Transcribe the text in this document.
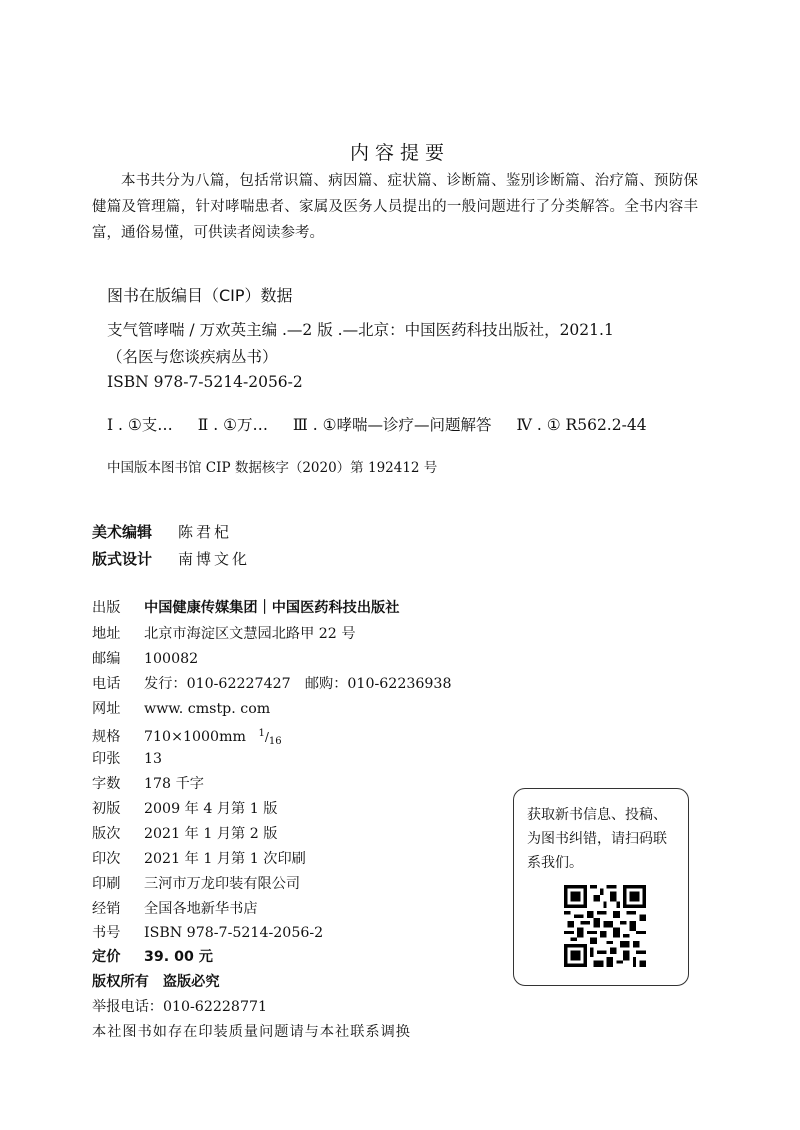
内容提要
本书共分为八篇，包括常识篇、病因篇、症状篇、诊断篇、鉴别诊断篇、治疗篇、预防保健篇及管理篇，针对哮喘患者、家属及医务人员提出的一般问题进行了分类解答。全书内容丰富，通俗易懂，可供读者阅读参考。
图书在版编目（CIP）数据
支气管哮喘 / 万欢英主编 .—2 版 .—北京：中国医药科技出版社，2021.1
（名医与您谈疾病丛书）
ISBN 978-7-5214-2056-2
Ⅰ . ①支… Ⅱ . ①万… Ⅲ . ①哮喘—诊疗—问题解答 Ⅳ . ① R562.2-44
中国版本图书馆 CIP 数据核字（2020）第 192412 号
美术编辑 陈君杞
版式设计 南博文化
出版 中国健康传媒集团｜中国医药科技出版社
地址 北京市海淀区文慧园北路甲 22 号
邮编 100082
电话 发行：010-62227427　邮购：010-62236938
网址 www. cmstp. com
规格 710×1000mm $^1/_{16}$
印张 13
字数 178 千字
初版 2009 年 4 月第 1 版
版次 2021 年 1 月第 2 版
印次 2021 年 1 月第 1 次印刷
印刷 三河市万龙印装有限公司
经销 全国各地新华书店
书号 ISBN 978-7-5214-2056-2
定价 39. 00 元
版权所有 盗版必究
举报电话：010-62228771
本社图书如存在印装质量问题请与本社联系调换
获取新书信息、投稿、为图书纠错，请扫码联系我们。
